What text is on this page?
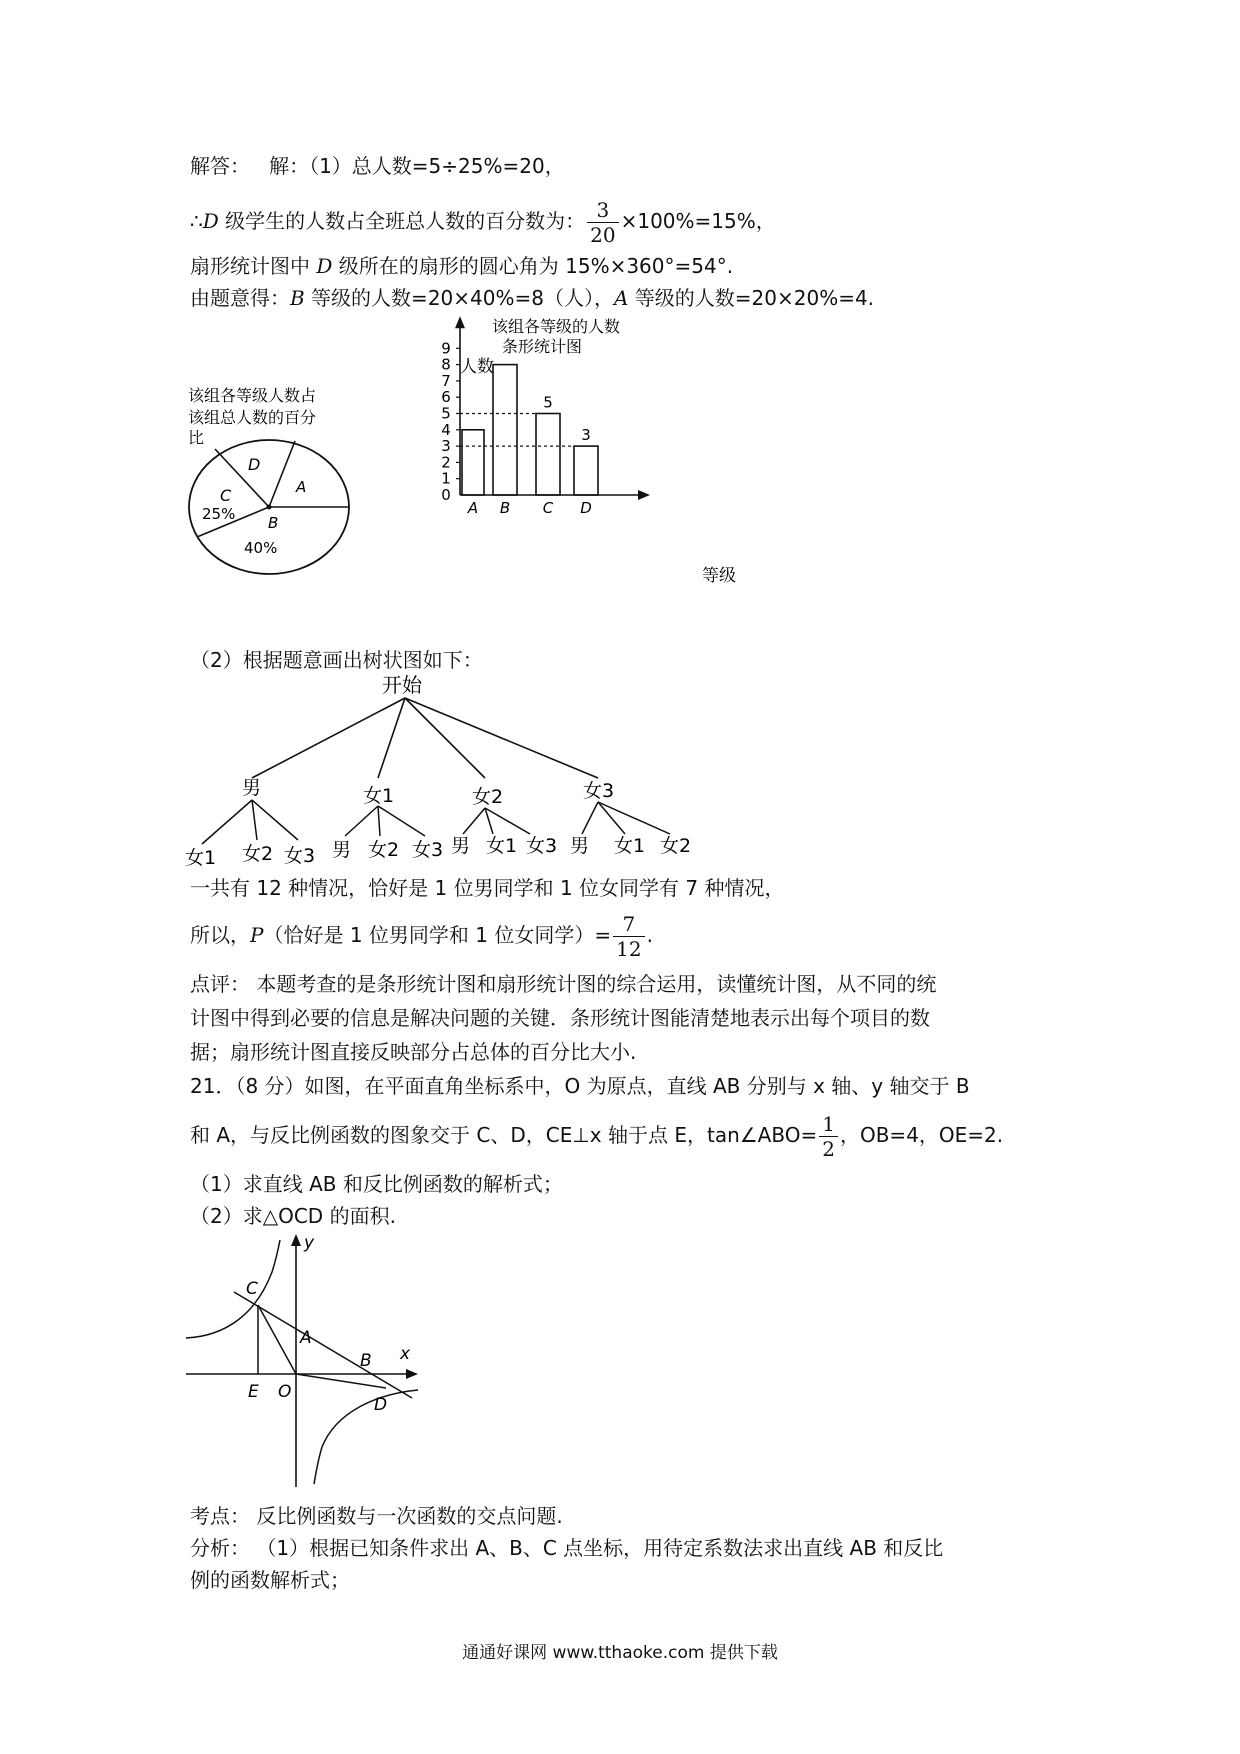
解答： 解：（1）总人数=5÷25%=20，
∴D 级学生的人数占全班总人数的百分数为： $\frac{3}{20} \times 100\%=15\%$，
扇形统计图中 D 级所在的扇形的圆心角为 15%×360°=54°.
由题意得：B 等级的人数=20×40%=8（人），A 等级的人数=20×20%=4.
该组各等级人数占
该组总人数的百分
比
D
A
C
25% B
40%
该组各等级的人数
条形统计图
人数
0
1
2
3
4
5
6
7
8
9
A B C
5
D
3
等级
（2）根据题意画出树状图如下：
开始
男	女1	女2	女3
女1 女2 女3 男 女2 女3 男 女1 女3 男 女1 女2
一共有 12 种情况，恰好是 1 位男同学和 1 位女同学有 7 种情况，
所以，P（恰好是 1 位男同学和 1 位女同学）= $\frac{7}{12}$ .
点评： 本题考查的是条形统计图和扇形统计图的综合运用，读懂统计图，从不同的统
计图中得到必要的信息是解决问题的关键．条形统计图能清楚地表示出每个项目的数
据；扇形统计图直接反映部分占总体的百分比大小.
21．（8 分）如图，在平面直角坐标系中，O 为原点，直线 AB 分别与 x 轴、y 轴交于 B
和 A，与反比例函数的图象交于 C、D，CE⊥x 轴于点 E，tan∠ABO= $\frac{1}{2}$ ，OB=4，OE=2.
（1）求直线 AB 和反比例函数的解析式；
（2）求△OCD 的面积.
x
y
C
A
B
D
E O
考点： 反比例函数与一次函数的交点问题.
分析： （1）根据已知条件求出 A、B、C 点坐标，用待定系数法求出直线 AB 和反比
例的函数解析式；
通通好课网 www.tthaoke.com 提供下载
